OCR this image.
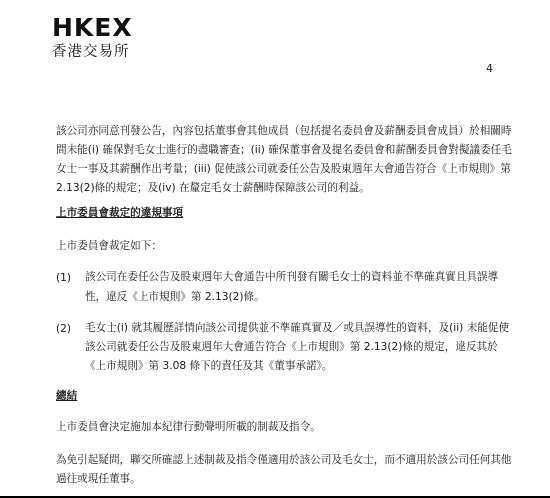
HKEX
香港交易所
4
該公司亦同意刊發公告，內容包括董事會其他成員（包括提名委員會及薪酬委員會成員）於相關時
間未能(i) 確保對毛女士進行的盡職審查；(ii) 確保董事會及提名委員會和薪酬委員會對擬議委任毛
女士一事及其薪酬作出考量；(iii) 促使該公司就委任公告及股東週年大會通告符合《上市規則》第
2.13(2)條的規定；及(iv) 在釐定毛女士薪酬時保障該公司的利益。
上市委員會裁定的違規事項
上市委員會裁定如下：
(1) 該公司在委任公告及股東週年大會通告中所刊發有關毛女士的資料並不準確真實且具誤導
性，違反《上市規則》第 2.13(2)條。
(2) 毛女士(i) 就其履歷詳情向該公司提供並不準確真實及／或具誤導性的資料，及(ii) 未能促使
該公司就委任公告及股東週年大會通告符合《上市規則》第 2.13(2)條的規定，違反其於
《上市規則》第 3.08 條下的責任及其《董事承諾》。
總結
上市委員會決定施加本紀律行動聲明所載的制裁及指令。
為免引起疑問，聯交所確認上述制裁及指令僅適用於該公司及毛女士，而不適用於該公司任何其他
過往或現任董事。
